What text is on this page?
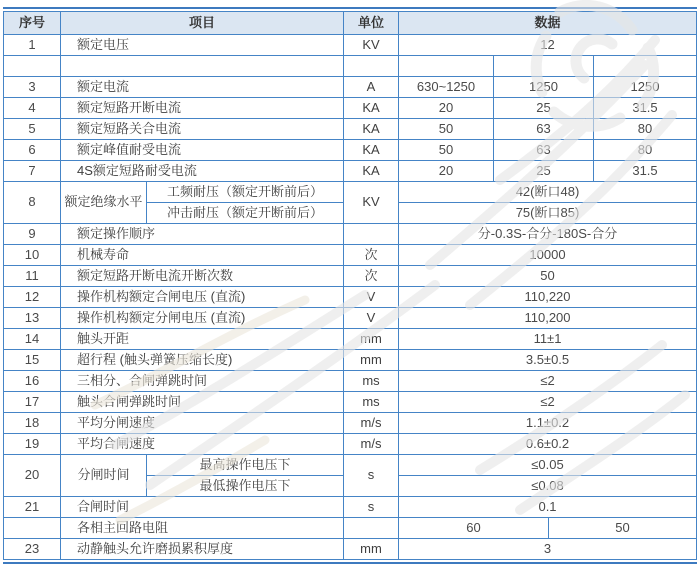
序号	项目		单位	数据			
1	额定电压		KV	12			

3	额定电流		A	630~1250	1250		1250
4	额定短路开断电流		KA	20	25		31.5
5	额定短路关合电流		KA	50	63		80
6	额定峰值耐受电流		KA	50	63		80
7	4S额定短路耐受电流		KA	20	25		31.5
8	额定绝缘水平	工频耐压（额定开断前后）	KV	42(断口48)			
		冲击耐压（额定开断前后）		75(断口85)			
9	额定操作顺序			分-0.3S-合分-180S-合分			
10	机械寿命		次	10000			
11	额定短路开断电流开断次数		次	50			
12	操作机构额定合闸电压 (直流)		V	110,220			
13	操作机构额定分闸电压 (直流)		V	110,200			
14	触头开距		mm	11±1			
15	超行程 (触头弹簧压缩长度)		mm	3.5±0.5			
16	三相分、合闸弹跳时间		ms	≤2			
17	触头合闸弹跳时间		ms	≤2			
18	平均分闸速度		m/s	1.1±0.2			
19	平均合闸速度		m/s	0.6±0.2			
20	分闸时间	最高操作电压下	s	≤0.05			
		最低操作电压下		≤0.08			
21	合闸时间		s	0.1			
	各相主回路电阻			60		50	
23	动静触头允许磨损累积厚度		mm	3			
